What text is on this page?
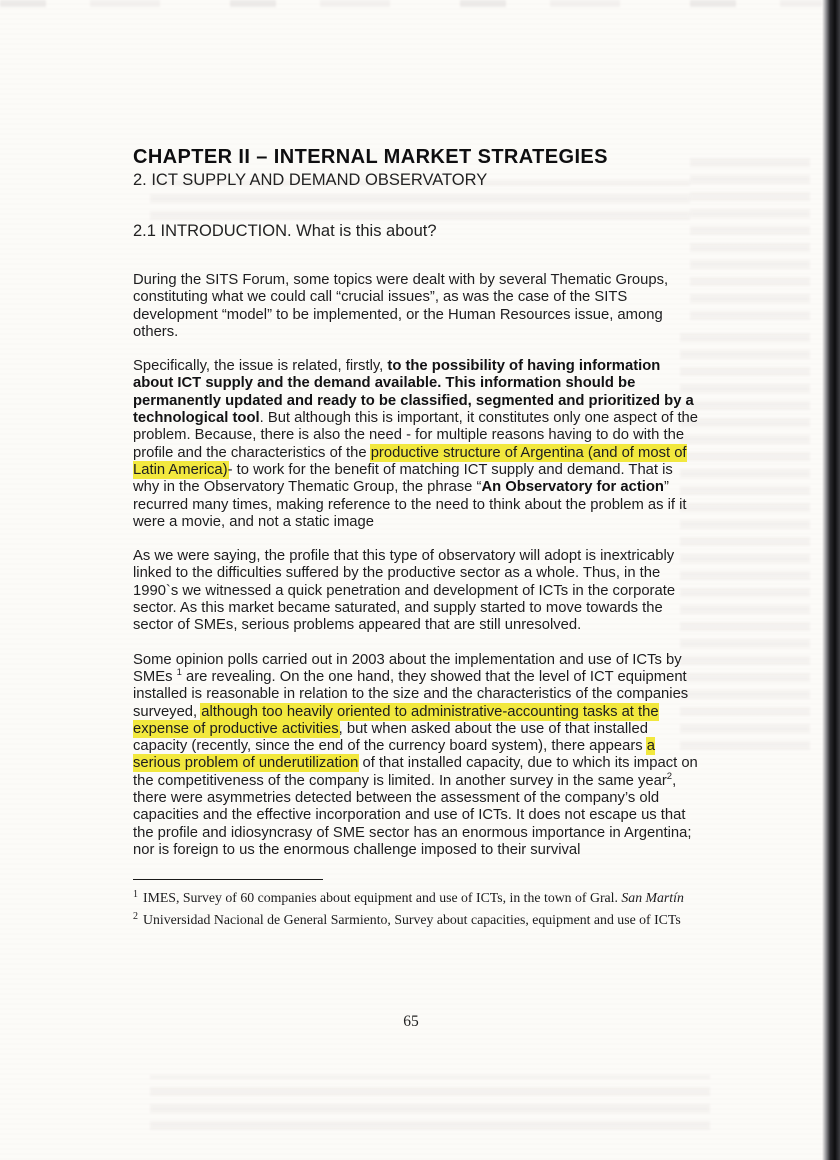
CHAPTER II – INTERNAL MARKET STRATEGIES
2. ICT SUPPLY AND DEMAND OBSERVATORY
2.1 INTRODUCTION. What is this about?

During the SITS Forum, some topics were dealt with by several Thematic Groups, constituting what we could call “crucial issues”, as was the case of the SITS development “model” to be implemented, or the Human Resources issue, among others.

Specifically, the issue is related, firstly, to the possibility of having information about ICT supply and the demand available. This information should be permanently updated and ready to be classified, segmented and prioritized by a technological tool. But although this is important, it constitutes only one aspect of the problem. Because, there is also the need - for multiple reasons having to do with the profile and the characteristics of the productive structure of Argentina (and of most of Latin America)- to work for the benefit of matching ICT supply and demand. That is why in the Observatory Thematic Group, the phrase “An Observatory for action” recurred many times, making reference to the need to think about the problem as if it were a movie, and not a static image

As we were saying, the profile that this type of observatory will adopt is inextricably linked to the difficulties suffered by the productive sector as a whole. Thus, in the 1990`s we witnessed a quick penetration and development of ICTs in the corporate sector. As this market became saturated, and supply started to move towards the sector of SMEs, serious problems appeared that are still unresolved.

Some opinion polls carried out in 2003 about the implementation and use of ICTs by SMEs $^1$ are revealing. On the one hand, they showed that the level of ICT equipment installed is reasonable in relation to the size and the characteristics of the companies surveyed, although too heavily oriented to administrative-accounting tasks at the expense of productive activities, but when asked about the use of that installed capacity (recently, since the end of the currency board system), there appears a serious problem of underutilization of that installed capacity, due to which its impact on the competitiveness of the company is limited. In another survey in the same year$^2$, there were asymmetries detected between the assessment of the company’s old capacities and the effective incorporation and use of ICTs. It does not escape us that the profile and idiosyncrasy of SME sector has an enormous importance in Argentina; nor is foreign to us the enormous challenge imposed to their survival

$^1$ IMES, Survey of 60 companies about equipment and use of ICTs, in the town of Gral. San Martín
$^2$ Universidad Nacional de General Sarmiento, Survey about capacities, equipment and use of ICTs
65
